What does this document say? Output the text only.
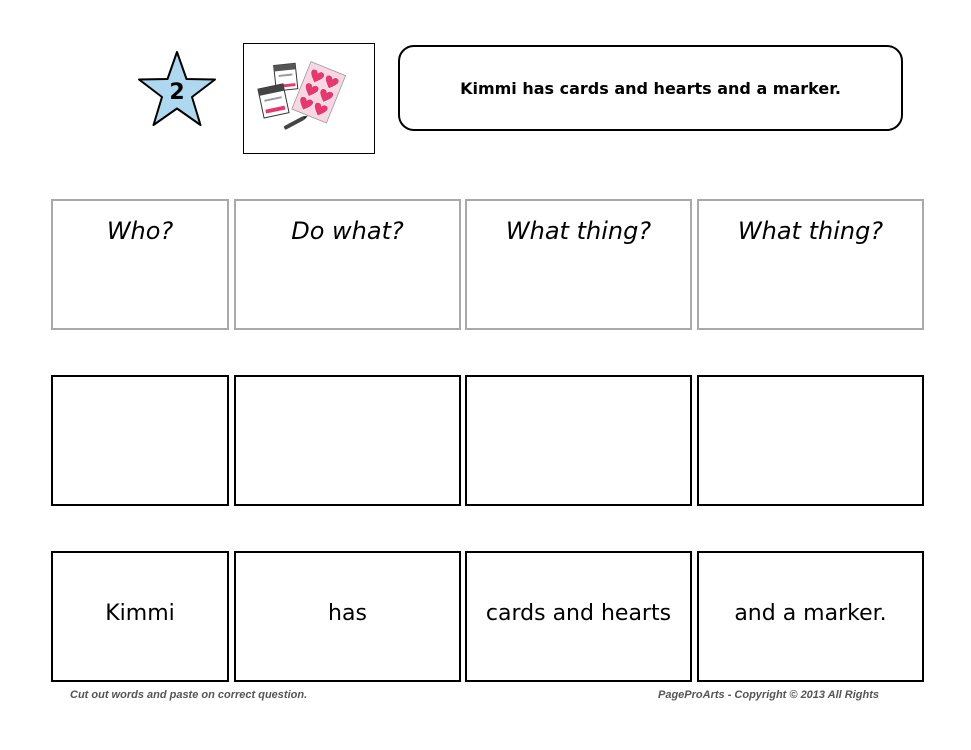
2	Kimmi has cards and hearts and a marker.
Who?	Do what?	What thing?	What thing?
Kimmi	has	cards and hearts	and a marker.
Cut out words and paste on correct question.	PageProArts - Copyright © 2013 All Rights
